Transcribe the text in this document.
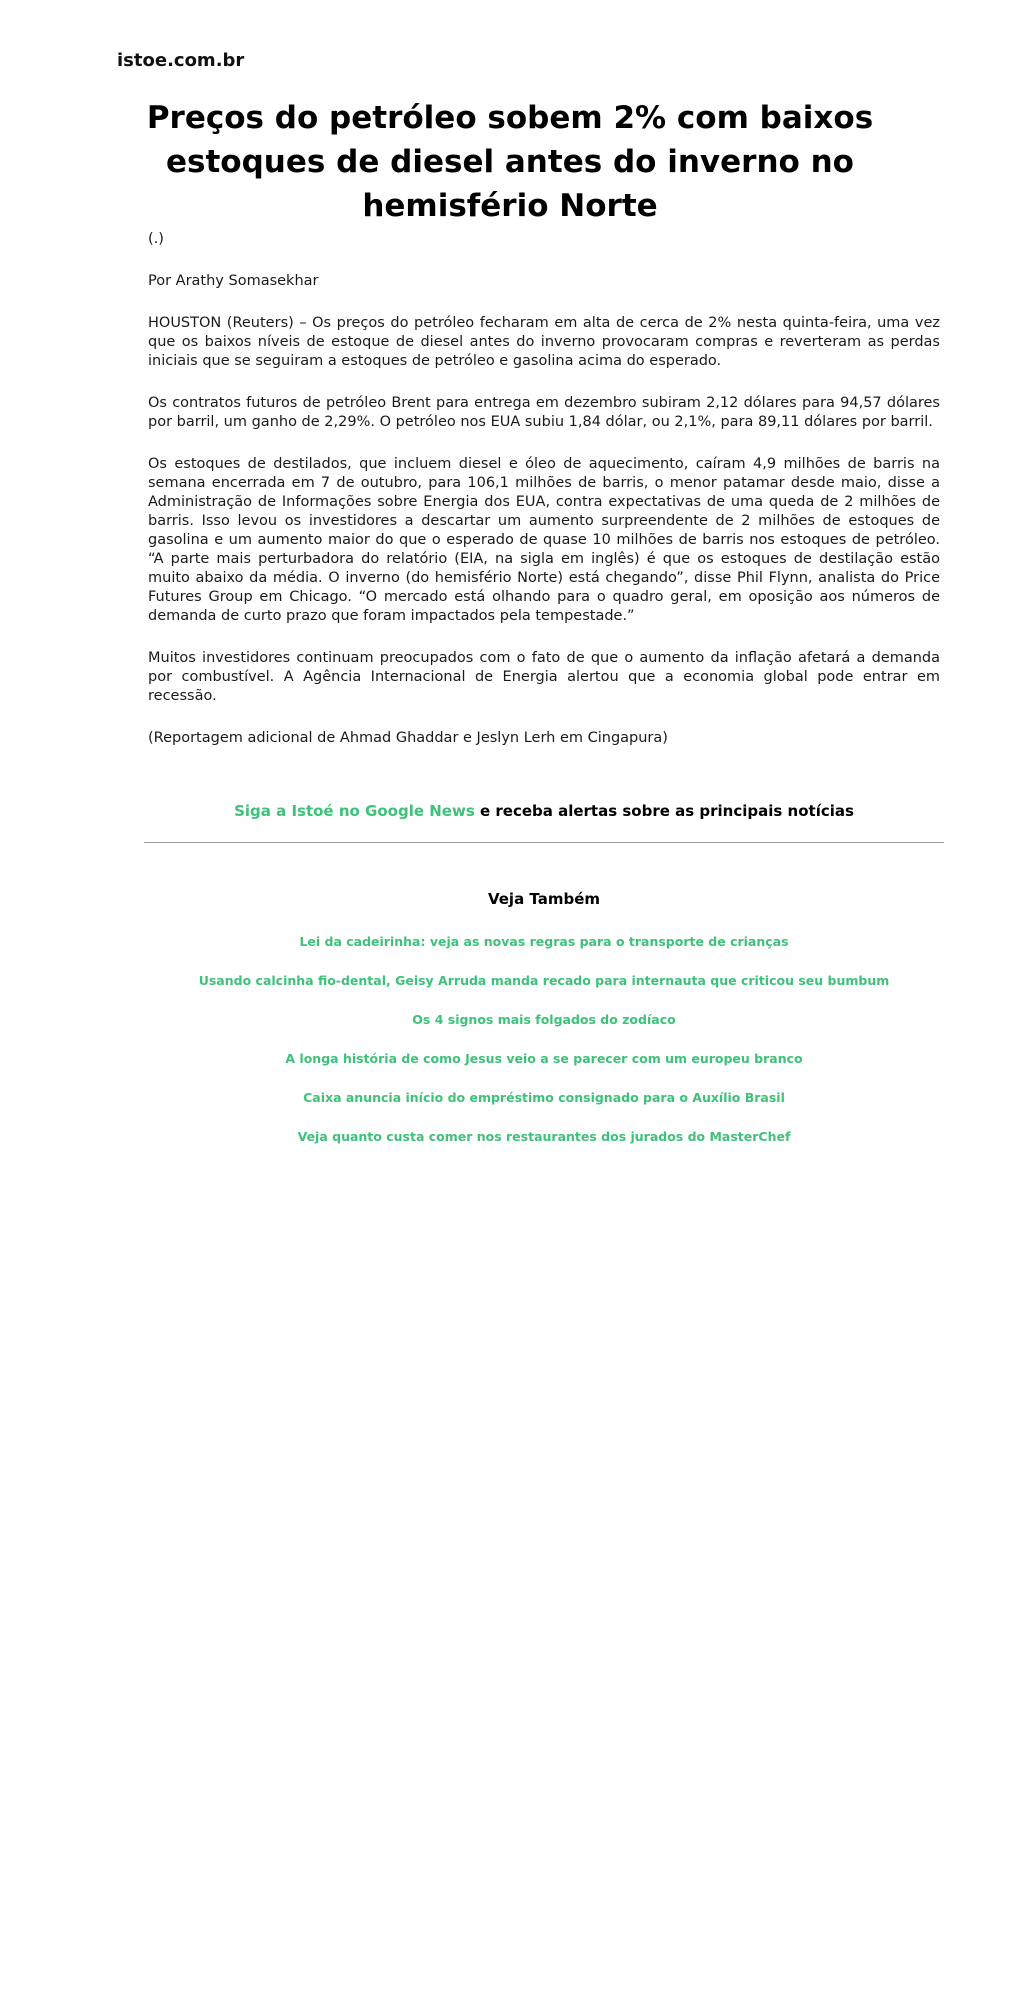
istoe.com.br
Preços do petróleo sobem 2% com baixos estoques de diesel antes do inverno no hemisfério Norte

(.)

Por Arathy Somasekhar

HOUSTON (Reuters) – Os preços do petróleo fecharam em alta de cerca de 2% nesta quinta-feira, uma vez que os baixos níveis de estoque de diesel antes do inverno provocaram compras e reverteram as perdas iniciais que se seguiram a estoques de petróleo e gasolina acima do esperado.

Os contratos futuros de petróleo Brent para entrega em dezembro subiram 2,12 dólares para 94,57 dólares por barril, um ganho de 2,29%. O petróleo nos EUA subiu 1,84 dólar, ou 2,1%, para 89,11 dólares por barril.

Os estoques de destilados, que incluem diesel e óleo de aquecimento, caíram 4,9 milhões de barris na semana encerrada em 7 de outubro, para 106,1 milhões de barris, o menor patamar desde maio, disse a Administração de Informações sobre Energia dos EUA, contra expectativas de uma queda de 2 milhões de barris. Isso levou os investidores a descartar um aumento surpreendente de 2 milhões de estoques de gasolina e um aumento maior do que o esperado de quase 10 milhões de barris nos estoques de petróleo. “A parte mais perturbadora do relatório (EIA, na sigla em inglês) é que os estoques de destilação estão muito abaixo da média. O inverno (do hemisfério Norte) está chegando”, disse Phil Flynn, analista do Price Futures Group em Chicago. “O mercado está olhando para o quadro geral, em oposição aos números de demanda de curto prazo que foram impactados pela tempestade.”

Muitos investidores continuam preocupados com o fato de que o aumento da inflação afetará a demanda por combustível. A Agência Internacional de Energia alertou que a economia global pode entrar em recessão.

(Reportagem adicional de Ahmad Ghaddar e Jeslyn Lerh em Cingapura)

Siga a Istoé no Google News e receba alertas sobre as principais notícias
Veja Também
Lei da cadeirinha: veja as novas regras para o transporte de crianças
Usando calcinha fio-dental, Geisy Arruda manda recado para internauta que criticou seu bumbum
Os 4 signos mais folgados do zodíaco
A longa história de como Jesus veio a se parecer com um europeu branco
Caixa anuncia início do empréstimo consignado para o Auxílio Brasil
Veja quanto custa comer nos restaurantes dos jurados do MasterChef
